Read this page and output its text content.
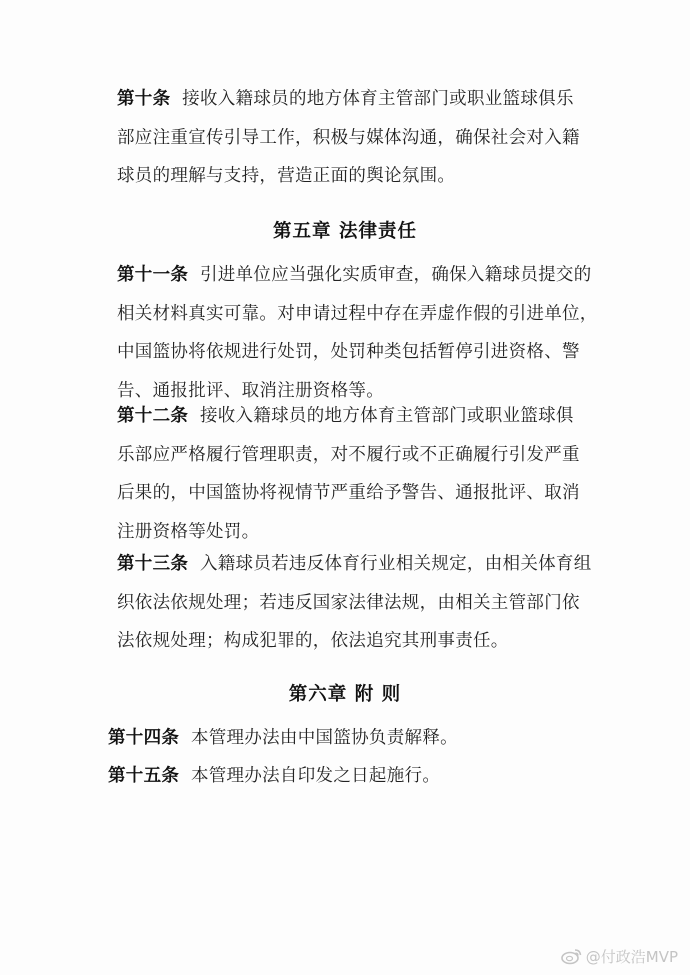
第十条 接收入籍球员的地方体育主管部门或职业篮球俱乐
部应注重宣传引导工作，积极与媒体沟通，确保社会对入籍
球员的理解与支持，营造正面的舆论氛围。

第五章 法律责任

第十一条 引进单位应当强化实质审查，确保入籍球员提交的
相关材料真实可靠。对申请过程中存在弄虚作假的引进单位，
中国篮协将依规进行处罚，处罚种类包括暂停引进资格、警
告、通报批评、取消注册资格等。

第十二条 接收入籍球员的地方体育主管部门或职业篮球俱
乐部应严格履行管理职责，对不履行或不正确履行引发严重
后果的，中国篮协将视情节严重给予警告、通报批评、取消
注册资格等处罚。

第十三条 入籍球员若违反体育行业相关规定，由相关体育组
织依法依规处理；若违反国家法律法规，由相关主管部门依
法依规处理；构成犯罪的，依法追究其刑事责任。

第六章 附 则

第十四条 本管理办法由中国篮协负责解释。

第十五条 本管理办法自印发之日起施行。

@付政浩MVP
